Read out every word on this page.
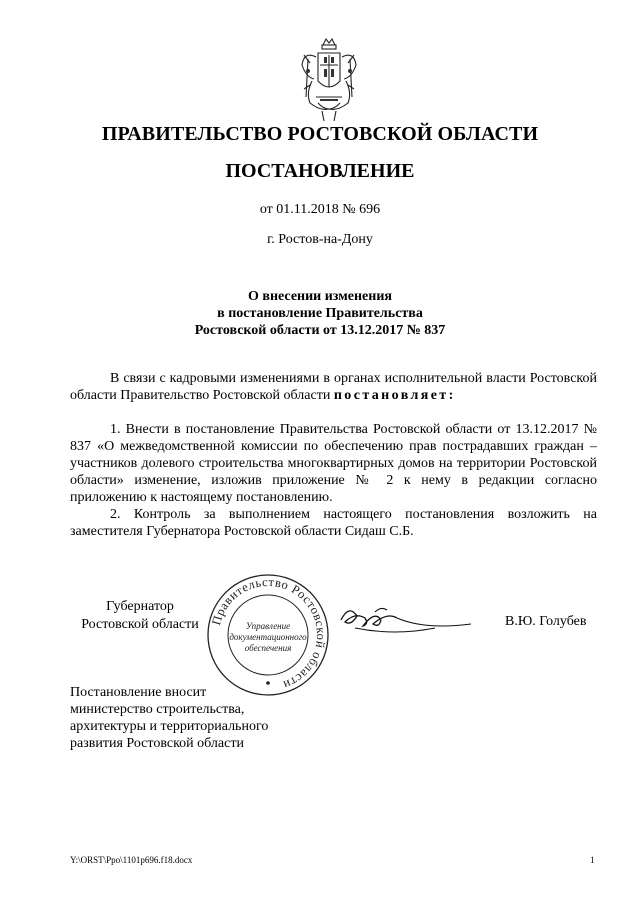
ПРАВИТЕЛЬСТВО РОСТОВСКОЙ ОБЛАСТИ
ПОСТАНОВЛЕНИЕ
от 01.11.2018 № 696
г. Ростов-на-Дону
О внесении изменения
в постановление Правительства
Ростовской области от 13.12.2017 № 837

В связи с кадровыми изменениями в органах исполнительной власти Ростовской области Правительство Ростовской области постановляет:

1. Внести в постановление Правительства Ростовской области от 13.12.2017 № 837 «О межведомственной комиссии по обеспечению прав пострадавших граждан – участников долевого строительства многоквартирных домов на территории Ростовской области» изменение, изложив приложение № 2 к нему в редакции согласно приложению к настоящему постановлению.

2. Контроль за выполнением настоящего постановления возложить на заместителя Губернатора Ростовской области Сидаш С.Б.

Губернатор
Ростовской области Правительство Ростовской области
Управление
документационного
обеспечения
В.Ю. Голубев
Постановление вносит
министерство строительства,
архитектуры и территориального
развития Ростовской области
Y:\ORST\Ppo\1101p696.f18.docx	1
